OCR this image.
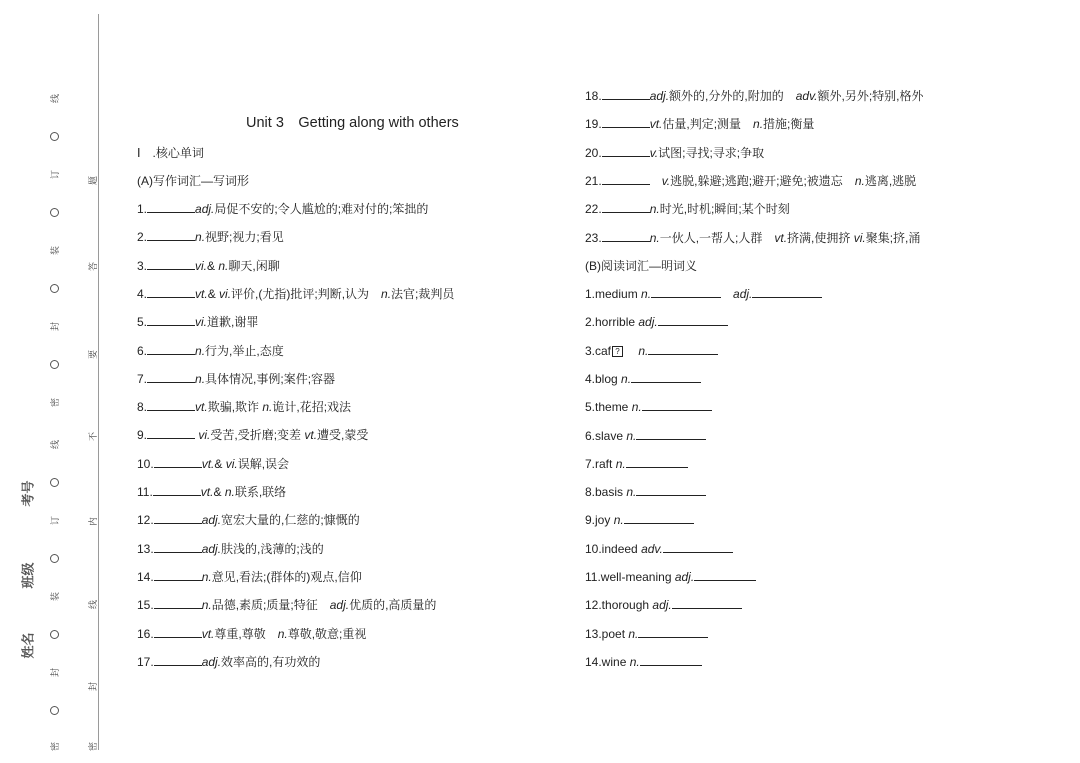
线
订
装
封
密
线
订
装
封
密
题
答
要
不
内
线
封
密
考号
班级
姓名
Unit 3 Getting along with others
Ⅰ　.核心单词
(A)写作词汇—写词形
1.	adj.局促不安的;令人尴尬的;难对付的;笨拙的
2.	n.视野;视力;看见
3.	vi.& n.聊天,闲聊
4.	vt.& vi.评价,(尤指)批评;判断,认为　n.法官;裁判员
5.	vi.道歉,谢罪
6.	n.行为,举止,态度
7.	n.具体情况,事例;案件;容器
8.	vt.欺骗,欺诈 n.诡计,花招;戏法
9.	vi.受苦,受折磨;变差 vt.遭受,蒙受
10.	vt.& vi.误解,误会
11.	vt.& n.联系,联络
12.	adj.宽宏大量的,仁慈的;慷慨的
13.	adj.肤浅的,浅薄的;浅的
14.	n.意见,看法;(群体的)观点,信仰
15.	n.品德,素质;质量;特征　adj.优质的,高质量的
16.	vt.尊重,尊敬　n.尊敬,敬意;重视
17.	adj.效率高的,有功效的
18.	adj.额外的,分外的,附加的　adv.额外,另外;特别,格外
19.	vt.估量,判定;测量　n.措施;衡量
20.	v.试图;寻找;寻求;争取
21.	　v.逃脱,躲避;逃跑;避开;避免;被遗忘　n.逃离,逃脱
22.	n.时光,时机;瞬间;某个时刻
23.	n.一伙人,一帮人;人群　vt.挤满,使拥挤 vi.聚集;挤,涌
(B)阅读词汇—明词义
1.medium n.	　adj.
2.horrible adj.
3.caf ?　 n.
4.blog n.
5.theme n.
6.slave n.
7.raft n.
8.basis n.
9.joy n.
10.indeed adv.
11.well-meaning adj.
12.thorough adj.
13.poet n.
14.wine n.
